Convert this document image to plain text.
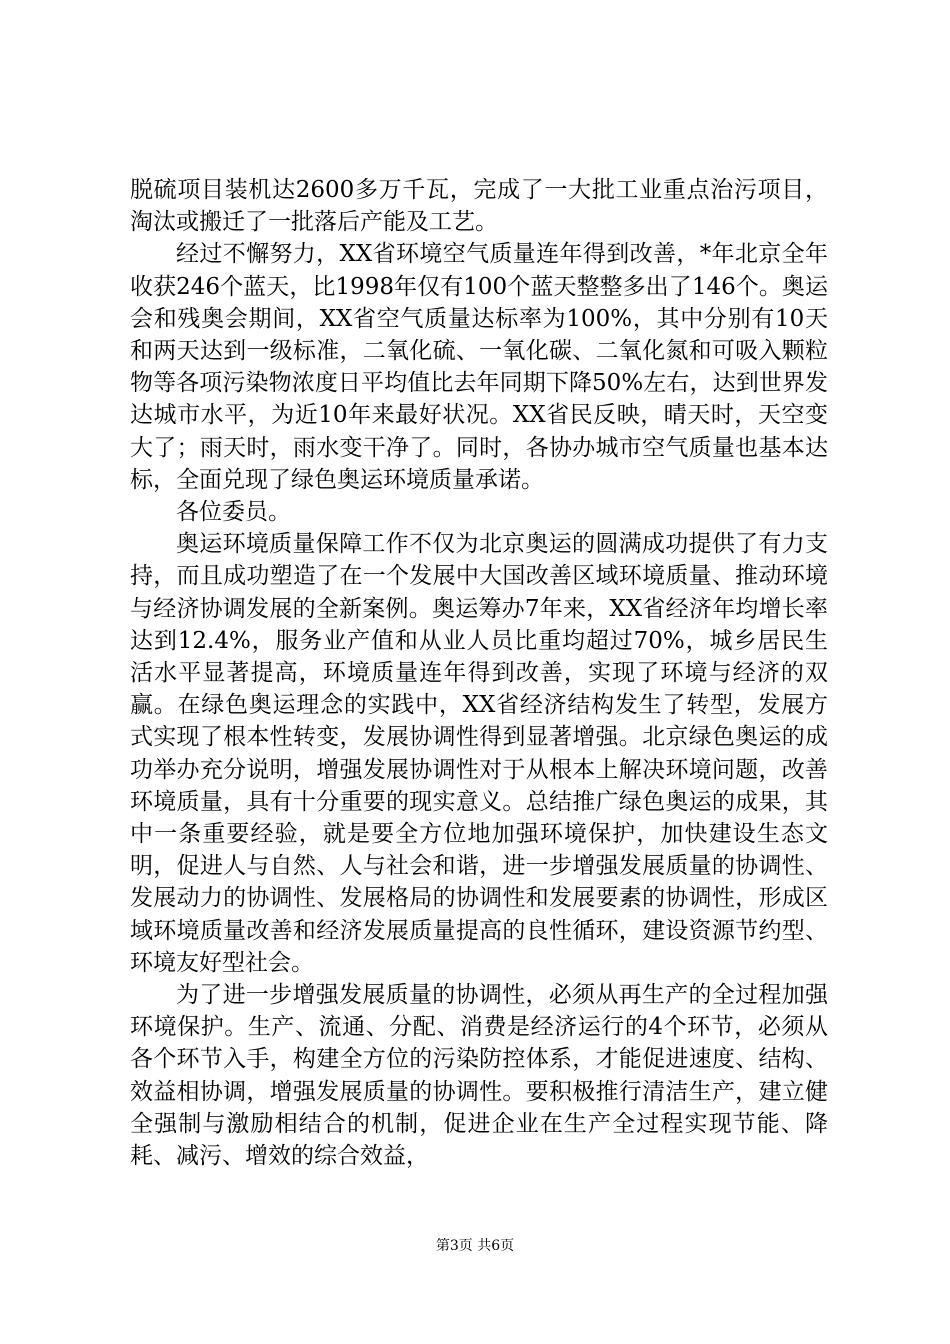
脱硫项目装机达2600多万千瓦，完成了一大批工业重点治污项目，淘汰或搬迁了一批落后产能及工艺。

经过不懈努力，XX省环境空气质量连年得到改善，*年北京全年收获246个蓝天，比1998年仅有100个蓝天整整多出了146个。奥运会和残奥会期间，XX省空气质量达标率为100%，其中分别有10天和两天达到一级标准，二氧化硫、一氧化碳、二氧化氮和可吸入颗粒物等各项污染物浓度日平均值比去年同期下降50%左右，达到世界发达城市水平，为近10年来最好状况。XX省民反映，晴天时，天空变大了；雨天时，雨水变干净了。同时，各协办城市空气质量也基本达标，全面兑现了绿色奥运环境质量承诺。

各位委员。

奥运环境质量保障工作不仅为北京奥运的圆满成功提供了有力支持，而且成功塑造了在一个发展中大国改善区域环境质量、推动环境与经济协调发展的全新案例。奥运筹办7年来，XX省经济年均增长率达到12.4%，服务业产值和从业人员比重均超过70%，城乡居民生活水平显著提高，环境质量连年得到改善，实现了环境与经济的双赢。在绿色奥运理念的实践中，XX省经济结构发生了转型，发展方式实现了根本性转变，发展协调性得到显著增强。北京绿色奥运的成功举办充分说明，增强发展协调性对于从根本上解决环境问题，改善环境质量，具有十分重要的现实意义。总结推广绿色奥运的成果，其中一条重要经验，就是要全方位地加强环境保护，加快建设生态文明，促进人与自然、人与社会和谐，进一步增强发展质量的协调性、发展动力的协调性、发展格局的协调性和发展要素的协调性，形成区域环境质量改善和经济发展质量提高的良性循环，建设资源节约型、环境友好型社会。

为了进一步增强发展质量的协调性，必须从再生产的全过程加强环境保护。生产、流通、分配、消费是经济运行的4个环节，必须从各个环节入手，构建全方位的污染防控体系，才能促进速度、结构、效益相协调，增强发展质量的协调性。要积极推行清洁生产，建立健全强制与激励相结合的机制，促进企业在生产全过程实现节能、降耗、减污、增效的综合效益，

第3页 共6页
